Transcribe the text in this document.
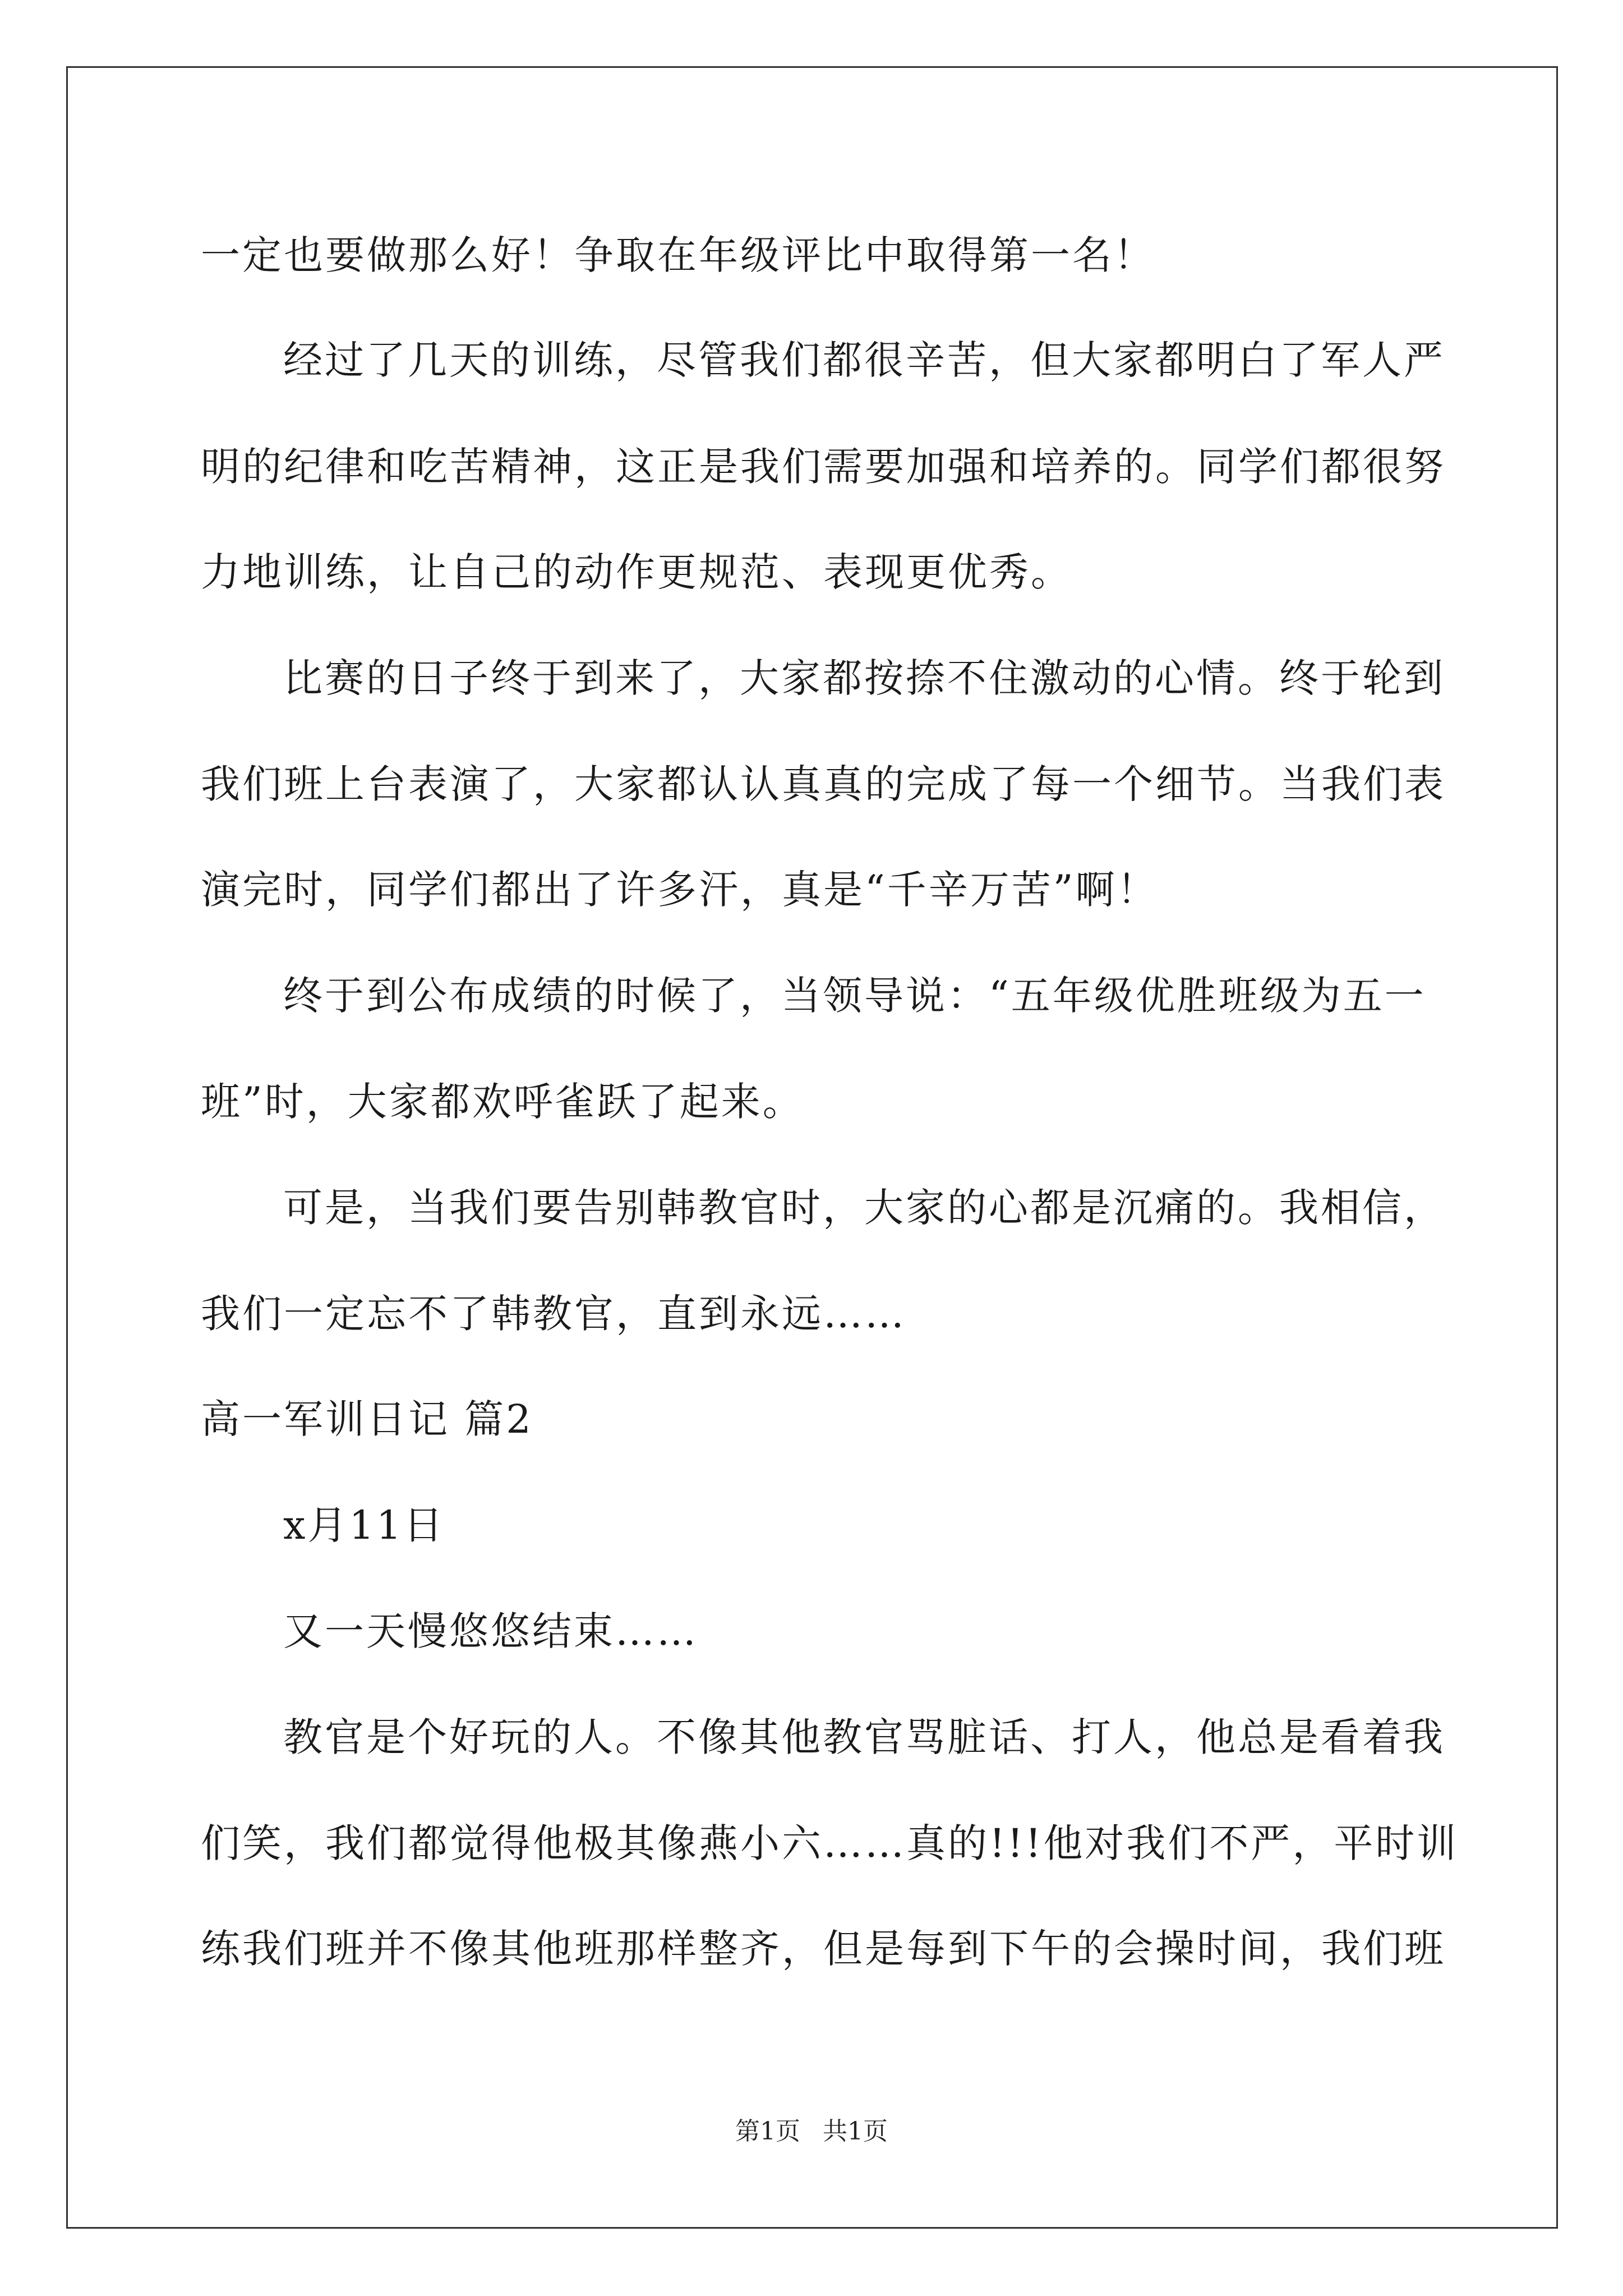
一定也要做那么好！争取在年级评比中取得第一名！

经过了几天的训练，尽管我们都很辛苦，但大家都明白了军人严

明的纪律和吃苦精神，这正是我们需要加强和培养的。同学们都很努

力地训练，让自己的动作更规范、表现更优秀。

比赛的日子终于到来了，大家都按捺不住激动的心情。终于轮到

我们班上台表演了，大家都认认真真的完成了每一个细节。当我们表

演完时，同学们都出了许多汗，真是“千辛万苦”啊！

终于到公布成绩的时候了，当领导说：“五年级优胜班级为五一

班”时，大家都欢呼雀跃了起来。

可是，当我们要告别韩教官时，大家的心都是沉痛的。我相信，

我们一定忘不了韩教官，直到永远……

高一军训日记 篇2

x月11日

又一天慢悠悠结束……

教官是个好玩的人。不像其他教官骂脏话、打人，他总是看着我

们笑，我们都觉得他极其像燕小六……真的!!!他对我们不严，平时训

练我们班并不像其他班那样整齐，但是每到下午的会操时间，我们班

第1页 共1页
